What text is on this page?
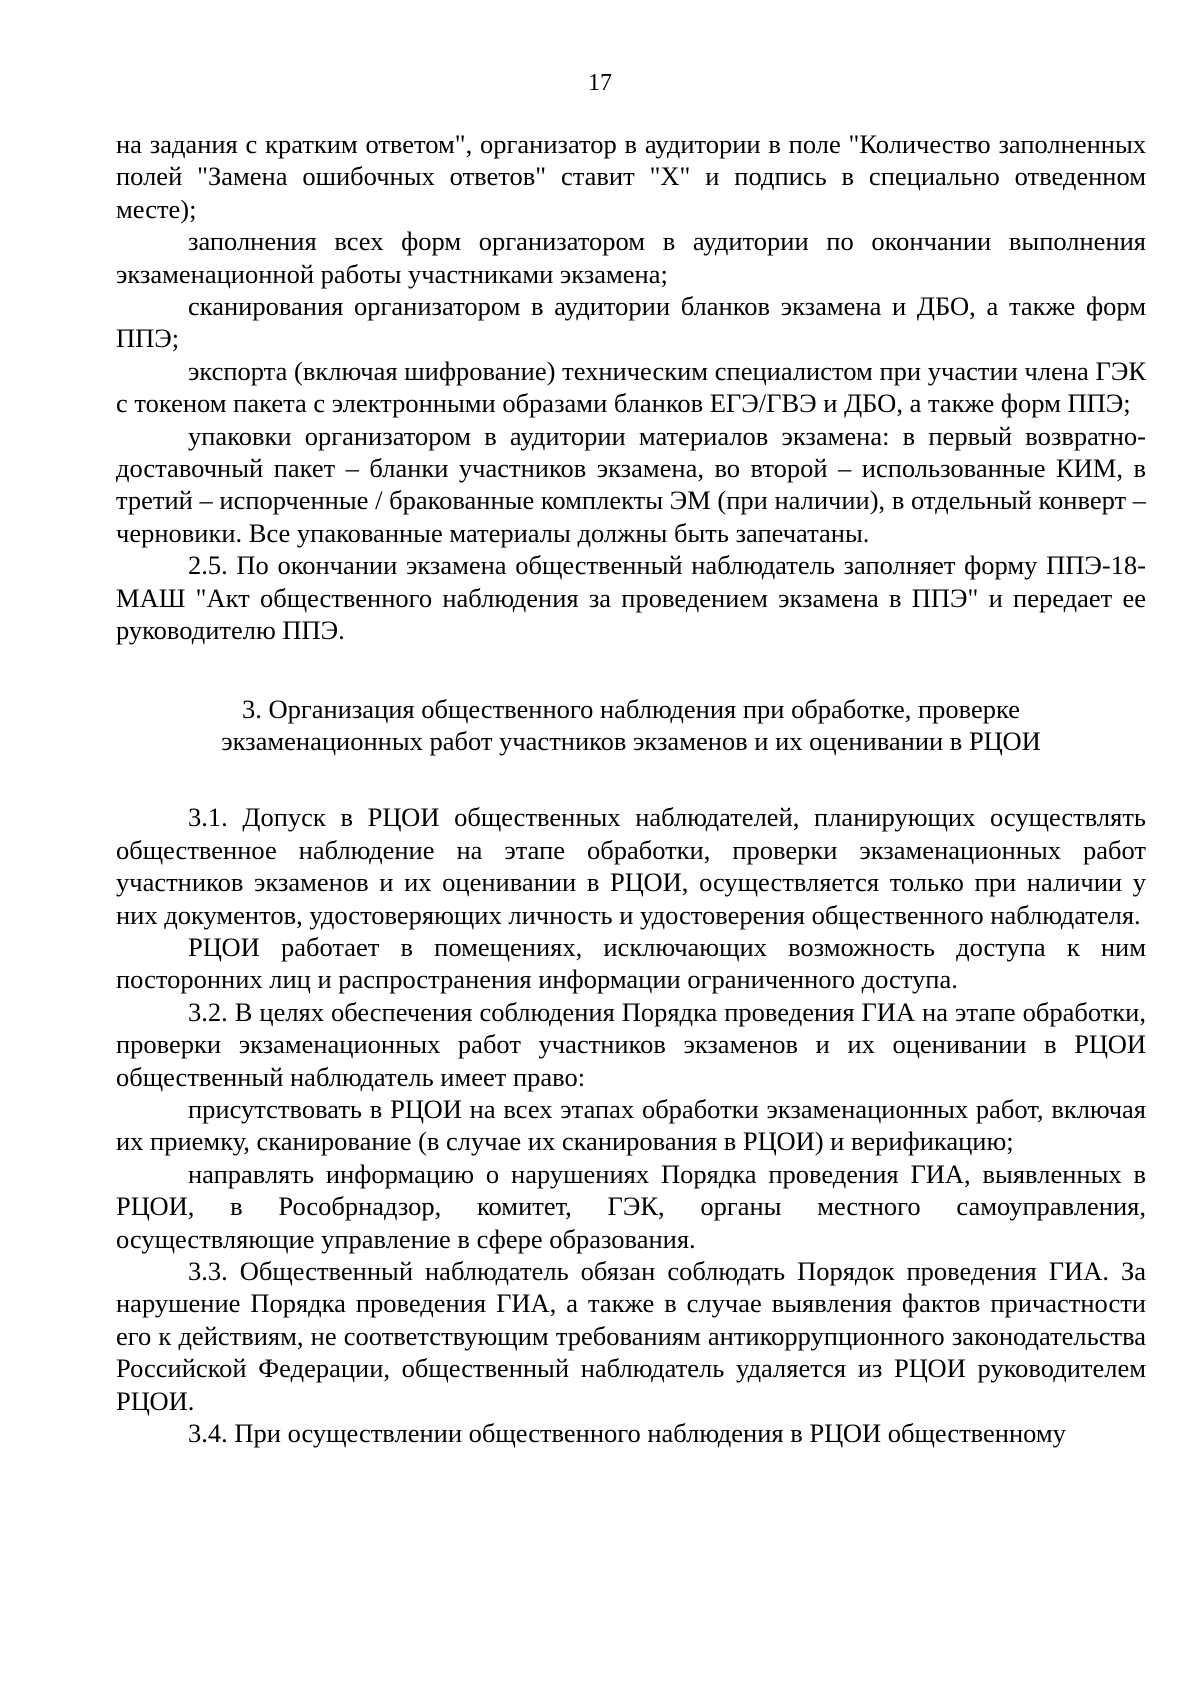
17

на задания с кратким ответом", организатор в аудитории в поле "Количество заполненных полей "Замена ошибочных ответов" ставит "X" и подпись в специально отведенном месте);

заполнения всех форм организатором в аудитории по окончании выполнения экзаменационной работы участниками экзамена;

сканирования организатором в аудитории бланков экзамена и ДБО, а также форм ППЭ;

экспорта (включая шифрование) техническим специалистом при участии члена ГЭК с токеном пакета с электронными образами бланков ЕГЭ/ГВЭ и ДБО, а также форм ППЭ;

упаковки организатором в аудитории материалов экзамена: в первый возвратно-доставочный пакет – бланки участников экзамена, во второй – использованные КИМ, в третий – испорченные / бракованные комплекты ЭМ (при наличии), в отдельный конверт – черновики. Все упакованные материалы должны быть запечатаны.

2.5. По окончании экзамена общественный наблюдатель заполняет форму ППЭ-18-МАШ "Акт общественного наблюдения за проведением экзамена в ППЭ" и передает ее руководителю ППЭ.

3. Организация общественного наблюдения при обработке, проверке
экзаменационных работ участников экзаменов и их оценивании в РЦОИ

3.1. Допуск в РЦОИ общественных наблюдателей, планирующих осуществлять общественное наблюдение на этапе обработки, проверки экзаменационных работ участников экзаменов и их оценивании в РЦОИ, осуществляется только при наличии у них документов, удостоверяющих личность и удостоверения общественного наблюдателя.

РЦОИ работает в помещениях, исключающих возможность доступа к ним посторонних лиц и распространения информации ограниченного доступа.

3.2. В целях обеспечения соблюдения Порядка проведения ГИА на этапе обработки, проверки экзаменационных работ участников экзаменов и их оценивании в РЦОИ общественный наблюдатель имеет право:

присутствовать в РЦОИ на всех этапах обработки экзаменационных работ, включая их приемку, сканирование (в случае их сканирования в РЦОИ) и верификацию;

направлять информацию о нарушениях Порядка проведения ГИА, выявленных в РЦОИ, в Рособрнадзор, комитет, ГЭК, органы местного самоуправления, осуществляющие управление в сфере образования.

3.3. Общественный наблюдатель обязан соблюдать Порядок проведения ГИА. За нарушение Порядка проведения ГИА, а также в случае выявления фактов причастности его к действиям, не соответствующим требованиям антикоррупционного законодательства Российской Федерации, общественный наблюдатель удаляется из РЦОИ руководителем РЦОИ.

3.4. При осуществлении общественного наблюдения в РЦОИ общественному
